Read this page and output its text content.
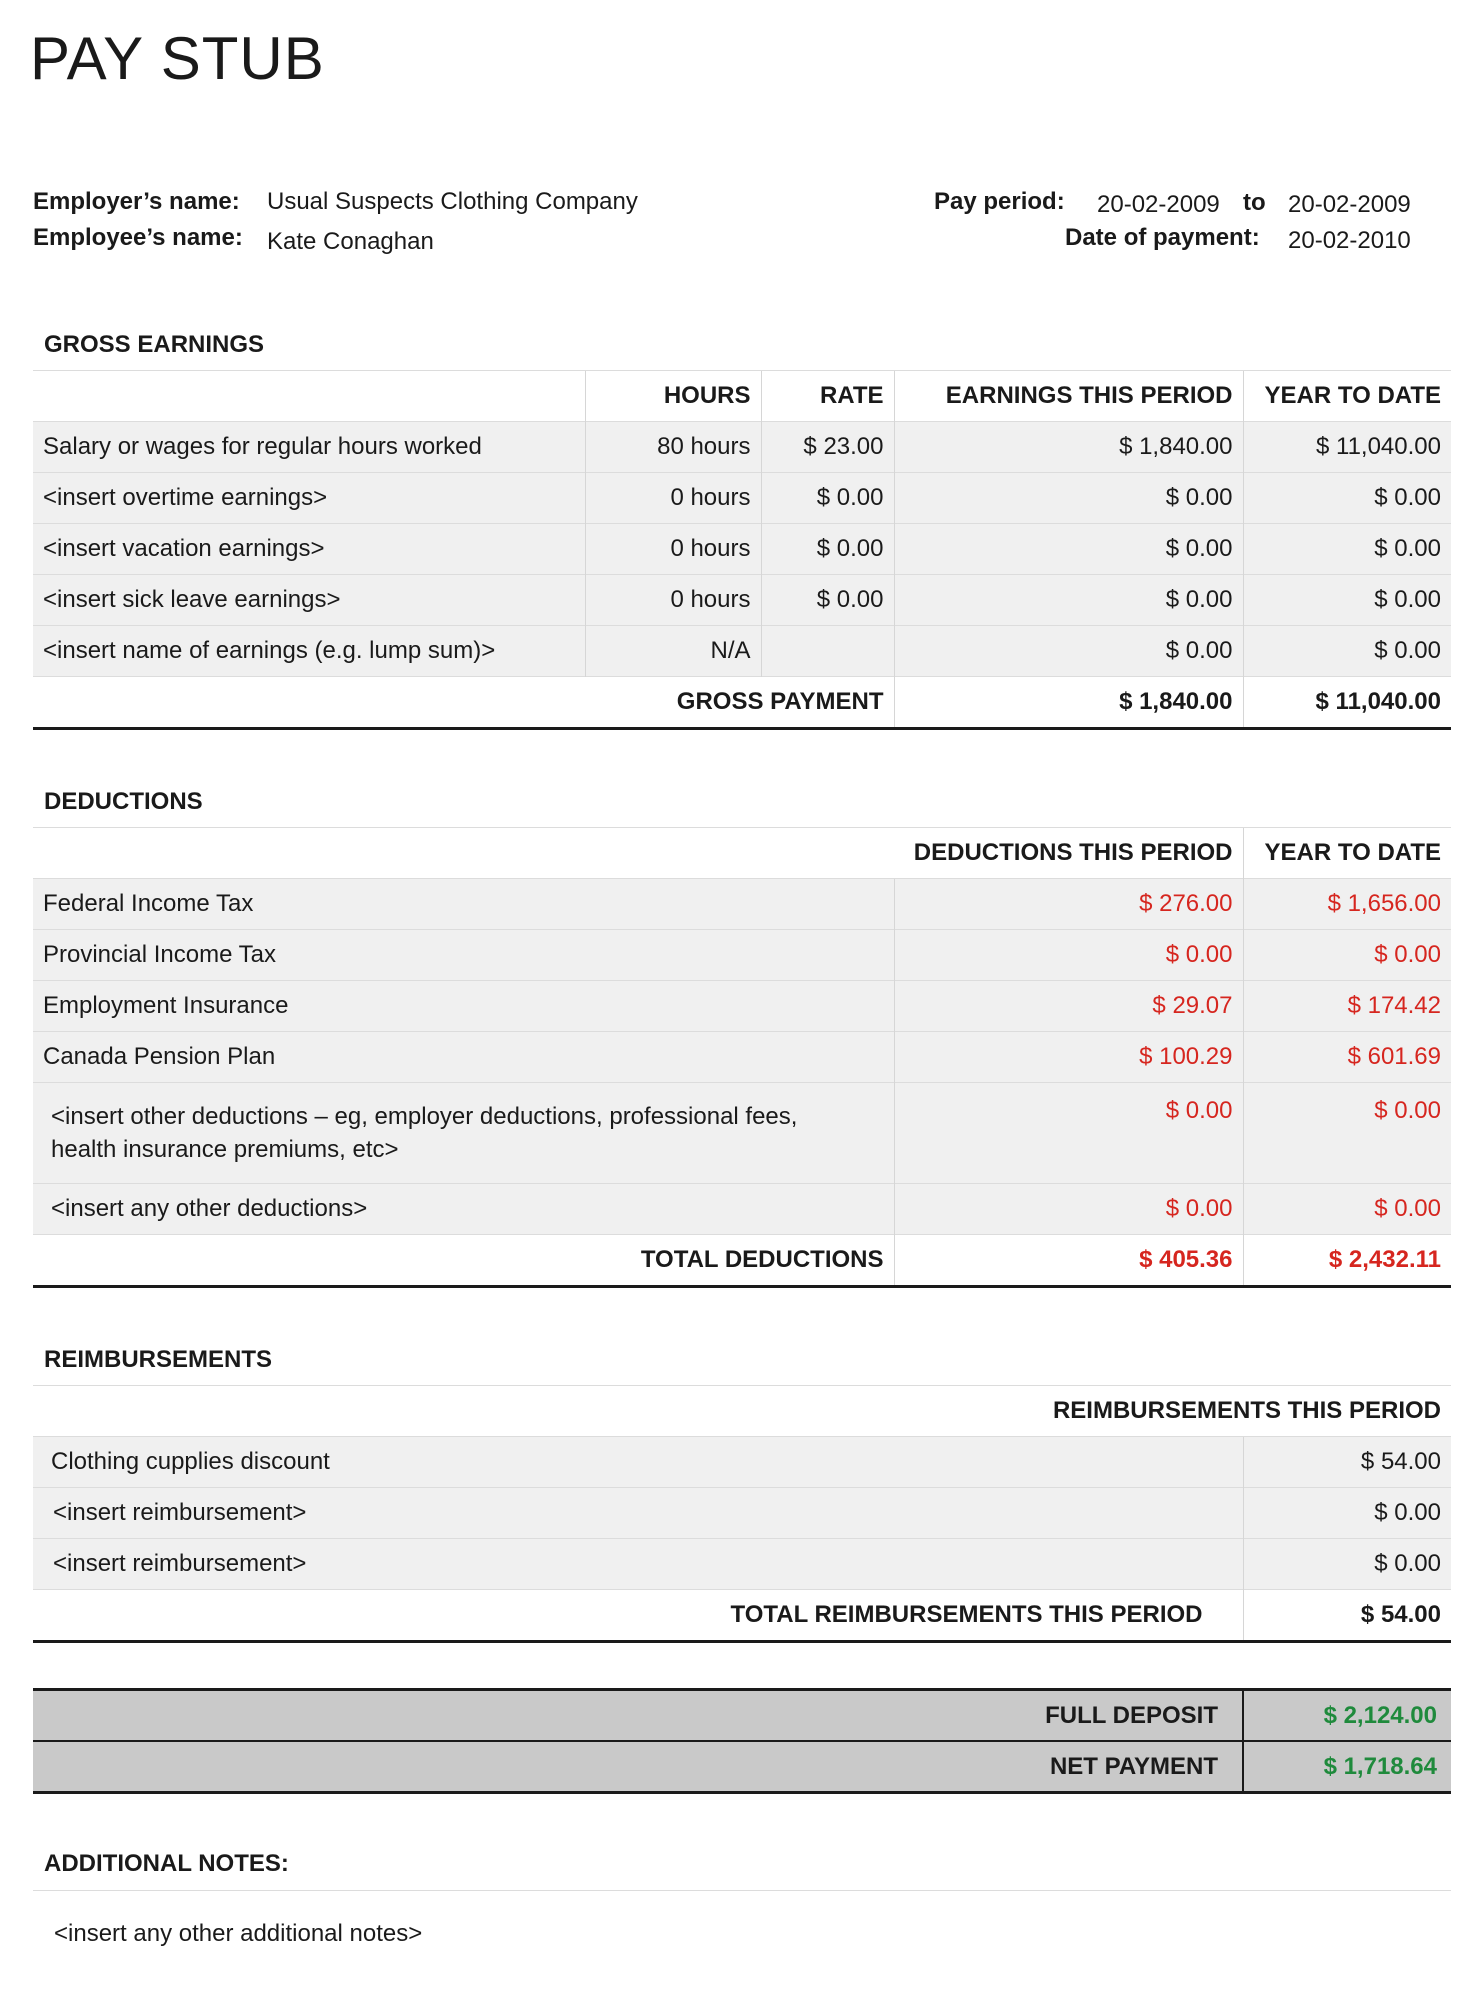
PAY STUB
Employer’s name: Usual Suspects Clothing Company
Employee’s name: Kate Conaghan
Pay period: 20-02-2009 to 20-02-2009
Date of payment: 20-02-2010
GROSS EARNINGS
	HOURS	RATE	EARNINGS THIS PERIOD	YEAR TO DATE
Salary or wages for regular hours worked	80 hours	$ 23.00	$ 1,840.00	$ 11,040.00
<insert overtime earnings>	0 hours	$ 0.00	$ 0.00	$ 0.00
<insert vacation earnings>	0 hours	$ 0.00	$ 0.00	$ 0.00
<insert sick leave earnings>	0 hours	$ 0.00	$ 0.00	$ 0.00
<insert name of earnings (e.g. lump sum)>	N/A		$ 0.00	$ 0.00
GROSS PAYMENT			$ 1,840.00	$ 11,040.00
DEDUCTIONS
	DEDUCTIONS THIS PERIOD	YEAR TO DATE
Federal Income Tax	$ 276.00	$ 1,656.00
Provincial Income Tax	$ 0.00	$ 0.00
Employment Insurance	$ 29.07	$ 174.42
Canada Pension Plan	$ 100.29	$ 601.69
<insert other deductions – eg, employer deductions, professional fees, health insurance premiums, etc>	$ 0.00	$ 0.00
<insert any other deductions>	$ 0.00	$ 0.00
TOTAL DEDUCTIONS	$ 405.36	$ 2,432.11
REIMBURSEMENTS
REIMBURSEMENTS THIS PERIOD	
Clothing cupplies discount	$ 54.00
<insert reimbursement>	$ 0.00
<insert reimbursement>	$ 0.00
TOTAL REIMBURSEMENTS THIS PERIOD	$ 54.00
FULL DEPOSIT	$ 2,124.00
NET PAYMENT	$ 1,718.64
ADDITIONAL NOTES:
<insert any other additional notes>
